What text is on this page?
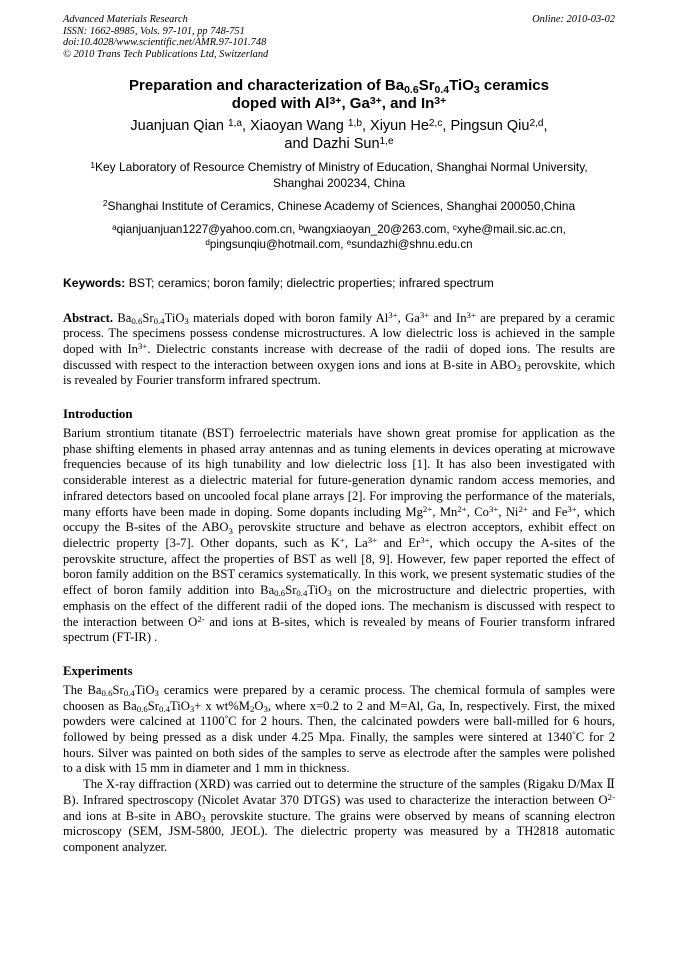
Advanced Materials Research	Online: 2010-03-02
ISSN: 1662-8985, Vols. 97-101, pp 748-751
doi:10.4028/www.scientific.net/AMR.97-101.748
© 2010 Trans Tech Publications Ltd, Switzerland
Preparation and characterization of $Ba_{0.6}Sr_{0.4}TiO_3$ ceramics
doped with $Al^{3+}$, $Ga^{3+}$, and $In^{3+}$
Juanjuan Qian $^{1,a}$, Xiaoyan Wang $^{1,b}$, Xiyun He$^{2,c}$, Pingsun Qiu$^{2,d}$,
and Dazhi Sun$^{1,e}$
$^1$Key Laboratory of Resource Chemistry of Ministry of Education, Shanghai Normal University,
Shanghai 200234, China
$^2$Shanghai Institute of Ceramics, Chinese Academy of Sciences, Shanghai 200050,China
$^a$qianjuanjuan1227@yahoo.com.cn, $^b$wangxiaoyan_20@263.com, $^c$xyhe@mail.sic.ac.cn,
$^d$pingsunqiu@hotmail.com, $^e$sundazhi@shnu.edu.cn
Keywords: BST; ceramics; boron family; dielectric properties; infrared spectrum

Abstract. $Ba_{0.6}Sr_{0.4}TiO_3$ materials doped with boron family $Al^{3+}$, $Ga^{3+}$ and $In^{3+}$ are prepared by a ceramic process. The specimens possess condense microstructures. A low dielectric loss is achieved in the sample doped with $In^{3+}$. Dielectric constants increase with decrease of the radii of doped ions. The results are discussed with respect to the interaction between oxygen ions and ions at B-site in $ABO_3$ perovskite, which is revealed by Fourier transform infrared spectrum.

Introduction

Barium strontium titanate (BST) ferroelectric materials have shown great promise for application as the phase shifting elements in phased array antennas and as tuning elements in devices operating at microwave frequencies because of its high tunability and low dielectric loss [1]. It has also been investigated with considerable interest as a dielectric material for future-generation dynamic random access memories, and infrared detectors based on uncooled focal plane arrays [2]. For improving the performance of the materials, many efforts have been made in doping. Some dopants including $Mg^{2+}$, $Mn^{2+}$, $Co^{3+}$, $Ni^{2+}$ and $Fe^{3+}$, which occupy the B-sites of the $ABO_3$ perovskite structure and behave as electron acceptors, exhibit effect on dielectric property [3-7]. Other dopants, such as K+, $La^{3+}$ and $Er^{3+}$, which occupy the A-sites of the perovskite structure, affect the properties of BST as well [8, 9]. However, few paper reported the effect of boron family addition on the BST ceramics systematically. In this work, we present systematic studies of the effect of boron family addition into $Ba_{0.6}Sr_{0.4}TiO_3$ on the microstructure and dielectric properties, with emphasis on the effect of the different radii of the doped ions. The mechanism is discussed with respect to the interaction between $O^{2-}$ and ions at B-sites, which is revealed by means of Fourier transform infrared spectrum (FT-IR) .

Experiments

The $Ba_{0.6}Sr_{0.4}TiO_3$ ceramics were prepared by a ceramic process. The chemical formula of samples were choosen as $Ba_{0.6}Sr_{0.4}TiO_3+ x$ $wt\%M_2O_3$, where x=0.2 to 2 and M=Al, Ga, In, respectively. First, the mixed powders were calcined at 1100°C for 2 hours. Then, the calcinated powders were ball-milled for 6 hours, followed by being pressed as a disk under 4.25 Mpa. Finally, the samples were sintered at 1340°C for 2 hours. Silver was painted on both sides of the samples to serve as electrode after the samples were polished to a disk with 15 mm in diameter and 1 mm in thickness.

The X-ray diffraction (XRD) was carried out to determine the structure of the samples (Rigaku D/Max Ⅱ B). Infrared spectroscopy (Nicolet Avatar 370 DTGS) was used to characterize the interaction between $O^{2-}$ and ions at B-site in $ABO_3$ perovskite stucture. The grains were observed by means of scanning electron microscopy (SEM, JSM-5800, JEOL). The dielectric property was measured by a TH2818 automatic component analyzer.
